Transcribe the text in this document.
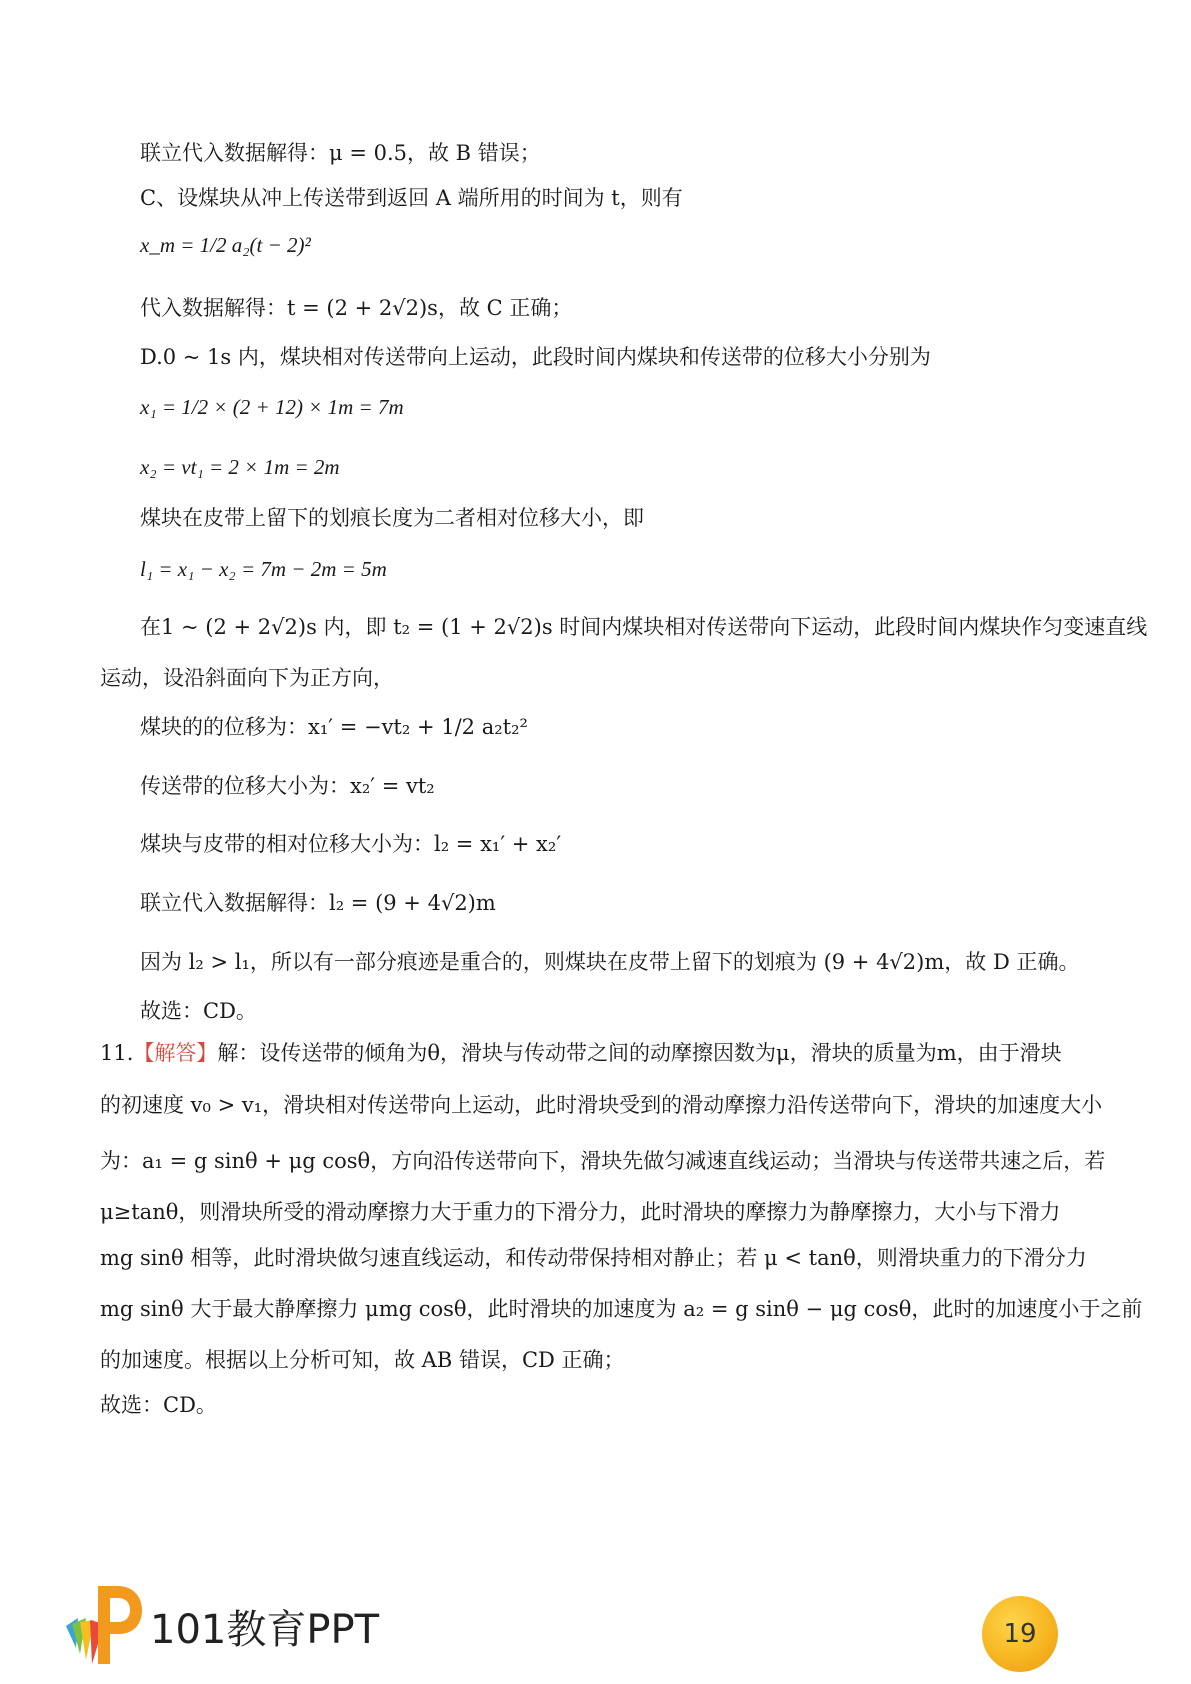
联立代入数据解得：μ = 0.5，故 B 错误；
C、设煤块从冲上传送带到返回 A 端所用的时间为 t，则有
x_m = 1/2 a₂(t − 2)²
代入数据解得：t = (2 + 2√2)s，故 C 正确；
D.0 ~ 1s 内，煤块相对传送带向上运动，此段时间内煤块和传送带的位移大小分别为
x₁ = 1/2 × (2 + 12) × 1m = 7m
x₂ = vt₁ = 2 × 1m = 2m
煤块在皮带上留下的划痕长度为二者相对位移大小，即
l₁ = x₁ − x₂ = 7m − 2m = 5m
在1 ~ (2 + 2√2)s 内，即 t₂ = (1 + 2√2)s 时间内煤块相对传送带向下运动，此段时间内煤块作匀变速直线
运动，设沿斜面向下为正方向，
煤块的的位移为：x₁′ = −vt₂ + 1/2 a₂t₂²
传送带的位移大小为：x₂′ = vt₂
煤块与皮带的相对位移大小为：l₂ = x₁′ + x₂′
联立代入数据解得：l₂ = (9 + 4√2)m
因为 l₂ > l₁，所以有一部分痕迹是重合的，则煤块在皮带上留下的划痕为 (9 + 4√2)m，故 D 正确。
故选：CD。
11.【解答】解：设传送带的倾角为θ，滑块与传动带之间的动摩擦因数为μ，滑块的质量为m，由于滑块
的初速度 v₀ > v₁，滑块相对传送带向上运动，此时滑块受到的滑动摩擦力沿传送带向下，滑块的加速度大小
为：a₁ = g sinθ + μg cosθ，方向沿传送带向下，滑块先做匀减速直线运动；当滑块与传送带共速之后，若
μ≥tanθ，则滑块所受的滑动摩擦力大于重力的下滑分力，此时滑块的摩擦力为静摩擦力，大小与下滑力
mg sinθ 相等，此时滑块做匀速直线运动，和传动带保持相对静止；若 μ < tanθ，则滑块重力的下滑分力
mg sinθ 大于最大静摩擦力 μmg cosθ，此时滑块的加速度为 a₂ = g sinθ − μg cosθ，此时的加速度小于之前
的加速度。根据以上分析可知，故 AB 错误，CD 正确；
故选：CD。
101教育PPT	19
